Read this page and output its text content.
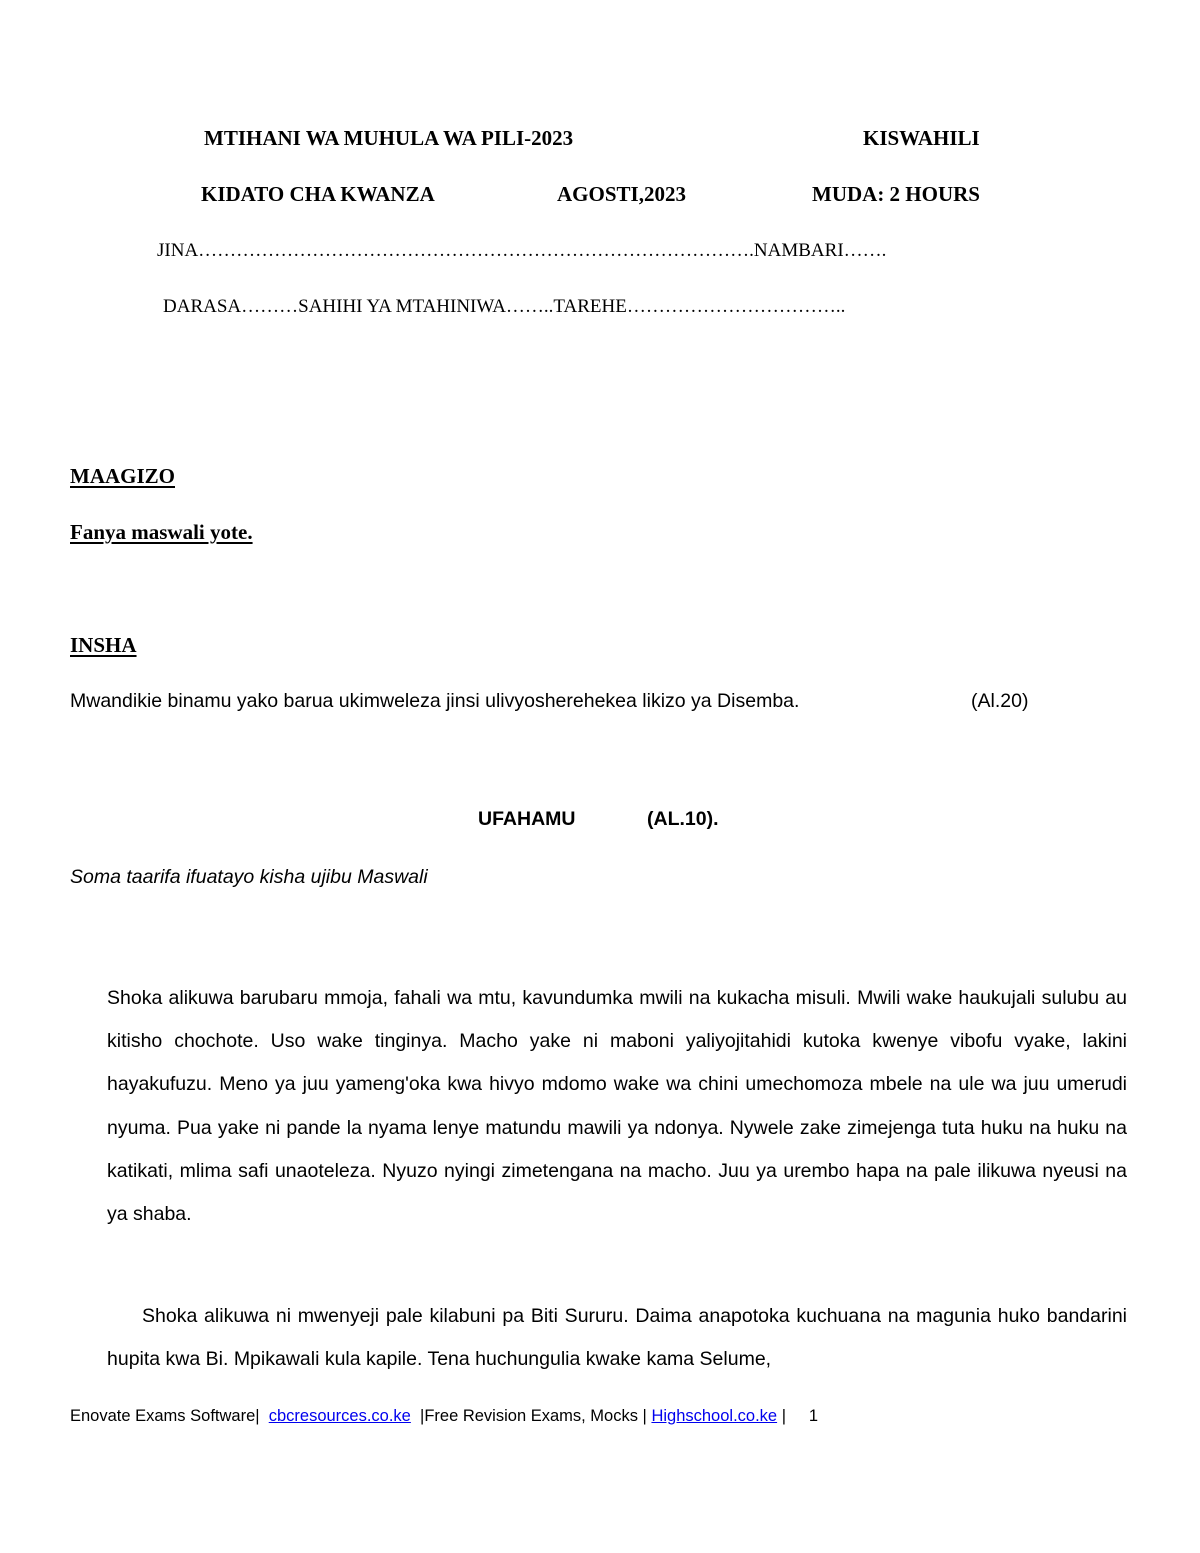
MTIHANI WA MUHULA WA PILI-2023	KISWAHILI
KIDATO CHA KWANZA	AGOSTI,2023	MUDA: 2 HOURS
JINA…………………………………………………………………………….NAMBARI…….
DARASA………SAHIHI YA MTAHINIWA……..TAREHE……………………………..
MAAGIZO
Fanya maswali yote.
INSHA
Mwandikie binamu yako barua ukimweleza jinsi ulivyosherehekea likizo ya Disemba.	(Al.20)
UFAHAMU	(AL.10).
Soma taarifa ifuatayo kisha ujibu Maswali
Shoka alikuwa barubaru mmoja, fahali wa mtu, kavundumka mwili na kukacha misuli. Mwili wake haukujali sulubu au kitisho chochote. Uso wake tinginya. Macho yake ni maboni yaliyojitahidi kutoka kwenye vibofu vyake, lakini hayakufuzu. Meno ya juu yameng'oka kwa hivyo mdomo wake wa chini umechomoza mbele na ule wa juu umerudi nyuma. Pua yake ni pande la nyama lenye matundu mawili ya ndonya. Nywele zake zimejenga tuta huku na huku na katikati, mlima safi unaoteleza. Nyuzo nyingi zimetengana na macho. Juu ya urembo hapa na pale ilikuwa nyeusi na ya shaba.
Shoka alikuwa ni mwenyeji pale kilabuni pa Biti Sururu. Daima anapotoka kuchuana na magunia huko bandarini hupita kwa Bi. Mpikawali kula kapile. Tena huchungulia kwake kama Selume,
Enovate Exams Software| cbcresources.co.ke |Free Revision Exams, Mocks | Highschool.co.ke | 1
